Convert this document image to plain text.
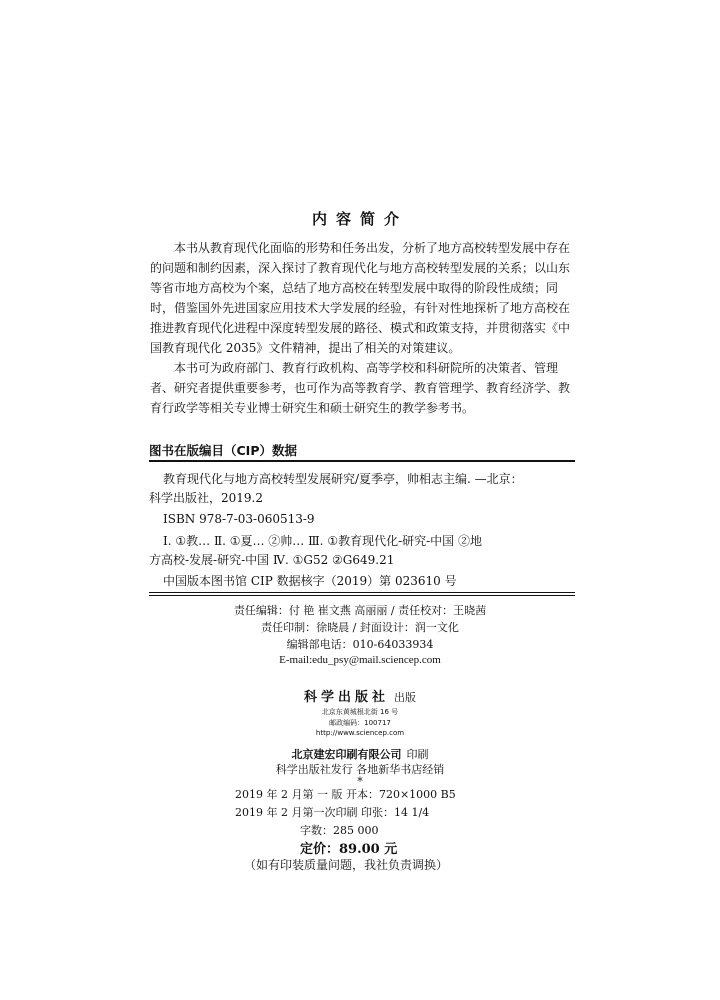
内容简介

本书从教育现代化面临的形势和任务出发，分析了地方高校转型发展中存在的问题和制约因素，深入探讨了教育现代化与地方高校转型发展的关系；以山东等省市地方高校为个案，总结了地方高校在转型发展中取得的阶段性成绩；同时，借鉴国外先进国家应用技术大学发展的经验，有针对性地探析了地方高校在推进教育现代化进程中深度转型发展的路径、模式和政策支持，并贯彻落实《中国教育现代化 2035》文件精神，提出了相关的对策建议。

本书可为政府部门、教育行政机构、高等学校和科研院所的决策者、管理者、研究者提供重要参考，也可作为高等教育学、教育管理学、教育经济学、教育行政学等相关专业博士研究生和硕士研究生的教学参考书。

图书在版编目（CIP）数据
教育现代化与地方高校转型发展研究/夏季亭，帅相志主编. —北京：
科学出版社，2019.2
ISBN 978-7-03-060513-9
Ⅰ. ①教… Ⅱ. ①夏… ②帅… Ⅲ. ①教育现代化-研究-中国 ②地
方高校-发展-研究-中国 Ⅳ. ①G52 ②G649.21
中国版本图书馆 CIP 数据核字（2019）第 023610 号
责任编辑：付 艳 崔文燕 高丽丽 / 责任校对：王晓茜
责任印制：徐晓晨 / 封面设计：润一文化
编辑部电话：010-64033934
E-mail:edu_psy@mail.sciencep.com
科学出版社 出版
北京东黄城根北街 16 号
邮政编码：100717
http://www.sciencep.com
北京建宏印刷有限公司 印刷
科学出版社发行 各地新华书店经销
*
2019 年 2 月第 一 版 开本：720×1000 B5
2019 年 2 月第一次印刷 印张：14 1/4
字数：285 000
定价：89.00 元
（如有印装质量问题，我社负责调换）
